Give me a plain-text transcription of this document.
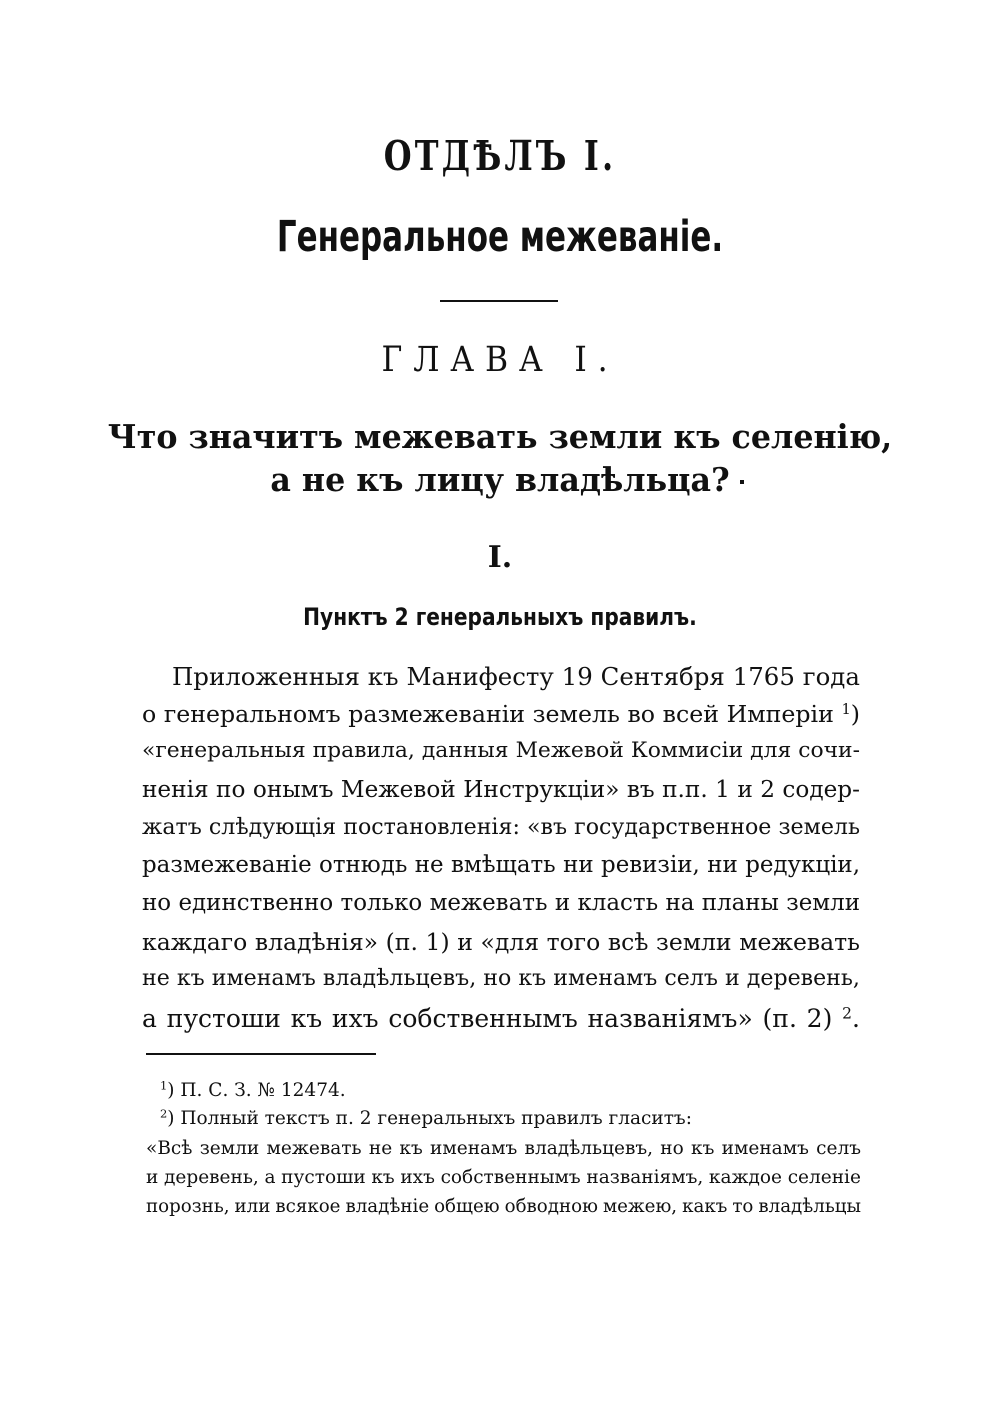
ОТДѢЛЪ I.
Генеральное межеваніе.
ГЛАВА I.
Что значитъ межевать земли къ селенію,
а не къ лицу владѣльца?
I.
Пунктъ 2 генеральныхъ правилъ.
Приложенныя къ Манифесту 19 Сентября 1765 года
о генеральномъ размежеваніи земель во всей Имперіи $^1$)
«генеральныя правила, данныя Межевой Коммисіи для сочи-
ненія по онымъ Межевой Инструкціи» въ п.п. 1 и 2 содер-
жатъ слѣдующія постановленія: «въ государственное земель
размежеваніе отнюдь не вмѣщать ни ревизіи, ни редукціи,
но единственно только межевать и класть на планы земли
каждаго владѣнія» (п. 1) и «для того всѣ земли межевать
не къ именамъ владѣльцевъ, но къ именамъ селъ и деревень,
а пустоши къ ихъ собственнымъ названіямъ» (п. 2) $^2$.
$^1$) П. С. З. № 12474.
$^2$) Полный текстъ п. 2 генеральныхъ правилъ гласитъ:
«Всѣ земли межевать не къ именамъ владѣльцевъ, но къ именамъ селъ
и деревень, а пустоши къ ихъ собственнымъ названіямъ, каждое селеніе
порознь, или всякое владѣніе общею обводною межею, какъ то владѣльцы
